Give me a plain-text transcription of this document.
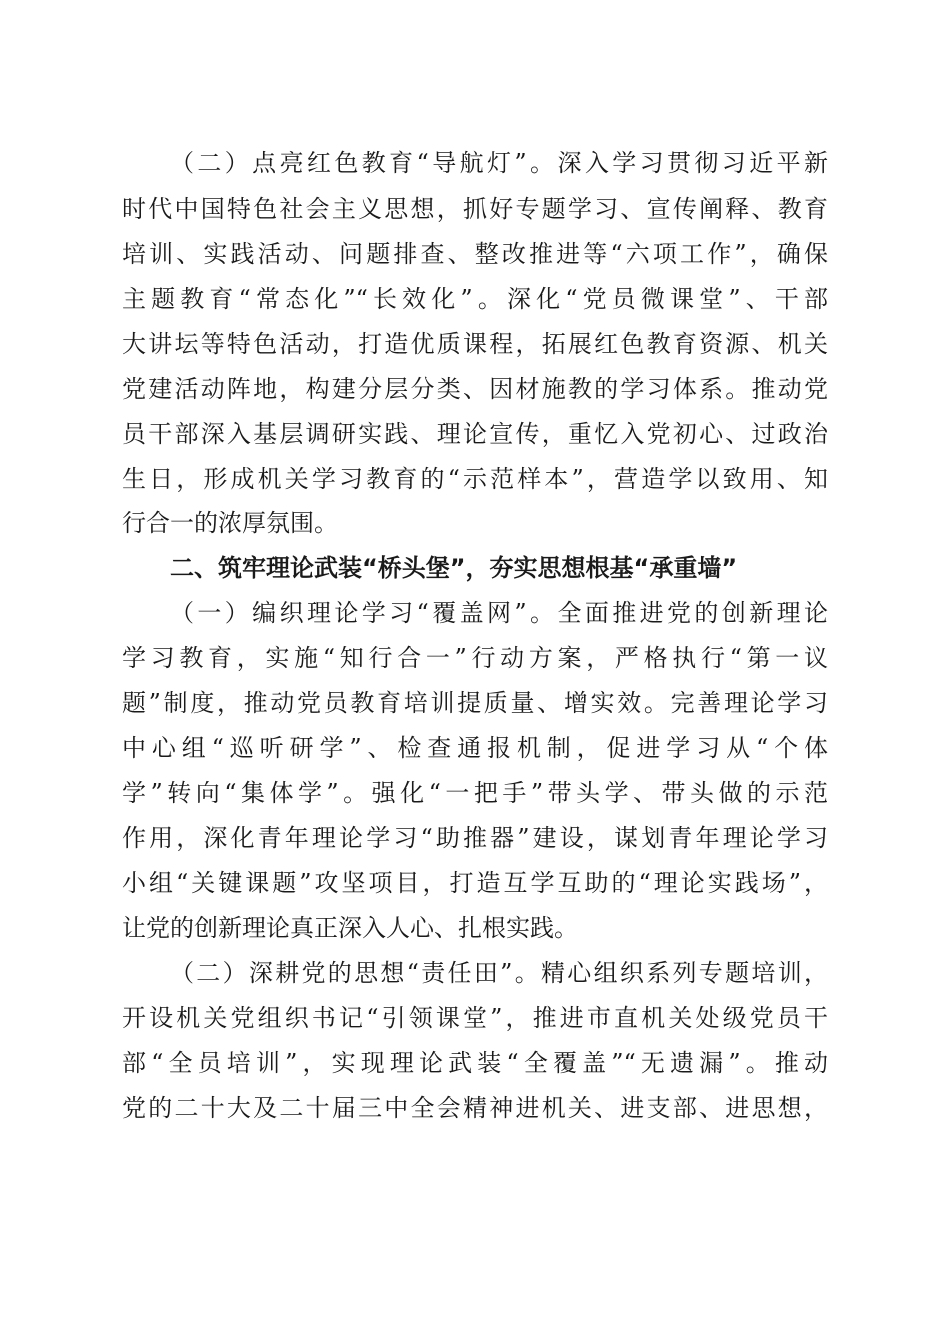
（二）点亮红色教育“导航灯”。深入学习贯彻习近平新
时代中国特色社会主义思想，抓好专题学习、宣传阐释、教育
培训、实践活动、问题排查、整改推进等“六项工作”，确保
主题教育“常态化”“长效化”。深化“党员微课堂”、干部
大讲坛等特色活动，打造优质课程，拓展红色教育资源、机关
党建活动阵地，构建分层分类、因材施教的学习体系。推动党
员干部深入基层调研实践、理论宣传，重忆入党初心、过政治
生日，形成机关学习教育的“示范样本”，营造学以致用、知
行合一的浓厚氛围。
二、筑牢理论武装“桥头堡”，夯实思想根基“承重墙”
（一）编织理论学习“覆盖网”。全面推进党的创新理论
学习教育，实施“知行合一”行动方案，严格执行“第一议
题”制度，推动党员教育培训提质量、增实效。完善理论学习
中心组“巡听研学”、检查通报机制，促进学习从“个体
学”转向“集体学”。强化“一把手”带头学、带头做的示范
作用，深化青年理论学习“助推器”建设，谋划青年理论学习
小组“关键课题”攻坚项目，打造互学互助的“理论实践场”，
让党的创新理论真正深入人心、扎根实践。
（二）深耕党的思想“责任田”。精心组织系列专题培训，
开设机关党组织书记“引领课堂”，推进市直机关处级党员干
部“全员培训”，实现理论武装“全覆盖”“无遗漏”。推动
党的二十大及二十届三中全会精神进机关、进支部、进思想，
